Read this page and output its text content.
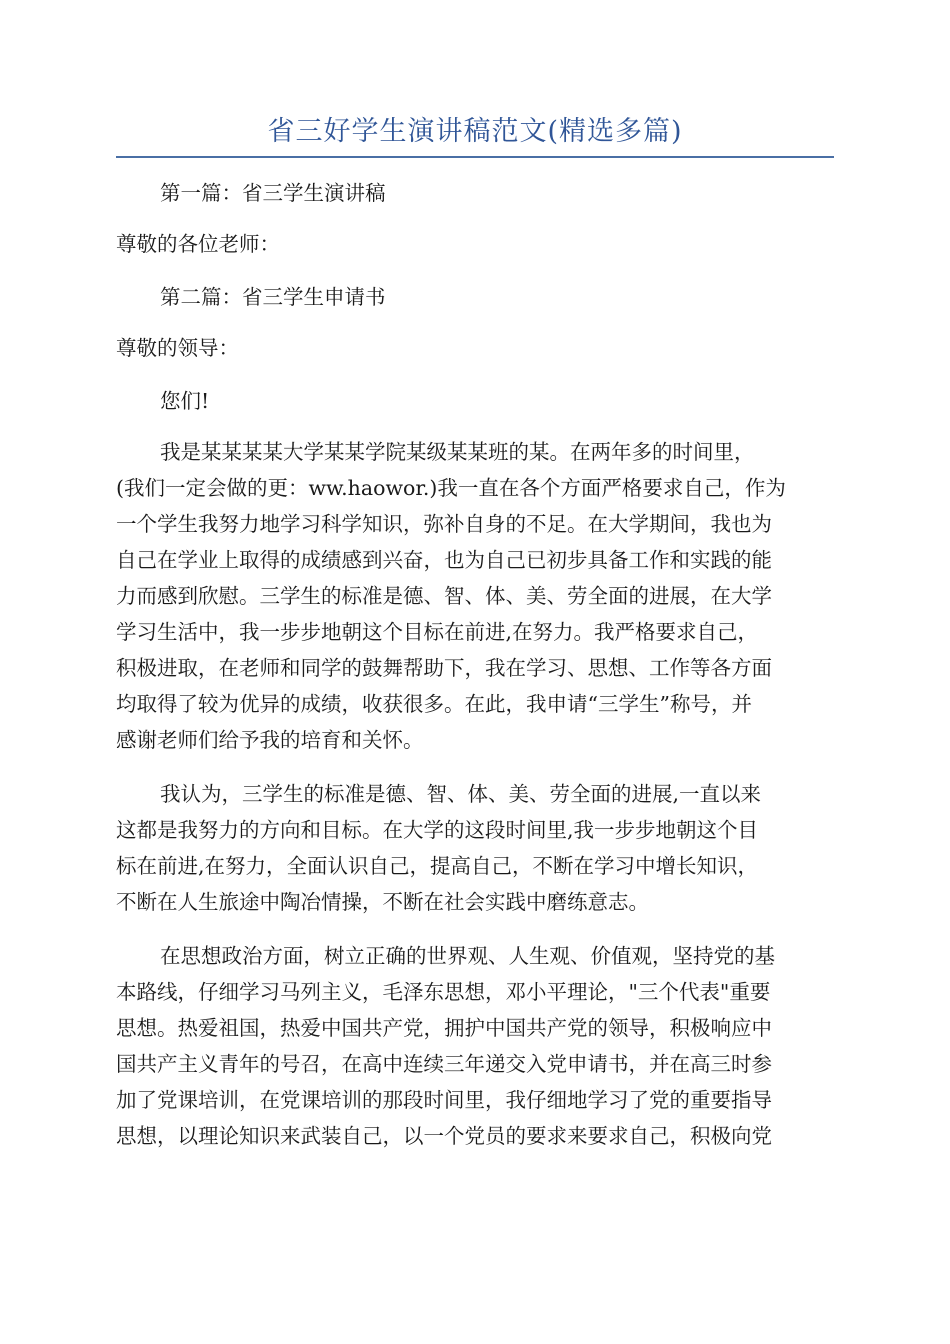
省三好学生演讲稿范文(精选多篇)
第一篇：省三学生演讲稿
尊敬的各位老师：
第二篇：省三学生申请书
尊敬的领导：
您们!
我是某某某某大学某某学院某级某某班的某。在两年多的时间里，
(我们一定会做的更：ww.haowor.)我一直在各个方面严格要求自己，作为
一个学生我努力地学习科学知识，弥补自身的不足。在大学期间，我也为
自己在学业上取得的成绩感到兴奋，也为自己已初步具备工作和实践的能
力而感到欣慰。三学生的标准是德、智、体、美、劳全面的进展，在大学
学习生活中，我一步步地朝这个目标在前进,在努力。我严格要求自己，
积极进取，在老师和同学的鼓舞帮助下，我在学习、思想、工作等各方面
均取得了较为优异的成绩，收获很多。在此，我申请“三学生”称号，并
感谢老师们给予我的培育和关怀。
我认为，三学生的标准是德、智、体、美、劳全面的进展,一直以来
这都是我努力的方向和目标。在大学的这段时间里,我一步步地朝这个目
标在前进,在努力，全面认识自己，提高自己，不断在学习中增长知识，
不断在人生旅途中陶冶情操，不断在社会实践中磨练意志。
在思想政治方面，树立正确的世界观、人生观、价值观，坚持党的基
本路线，仔细学习马列主义，毛泽东思想，邓小平理论，"三个代表"重要
思想。热爱祖国，热爱中国共产党，拥护中国共产党的领导，积极响应中
国共产主义青年的号召，在高中连续三年递交入党申请书，并在高三时参
加了党课培训，在党课培训的那段时间里，我仔细地学习了党的重要指导
思想，以理论知识来武装自己，以一个党员的要求来要求自己，积极向党
